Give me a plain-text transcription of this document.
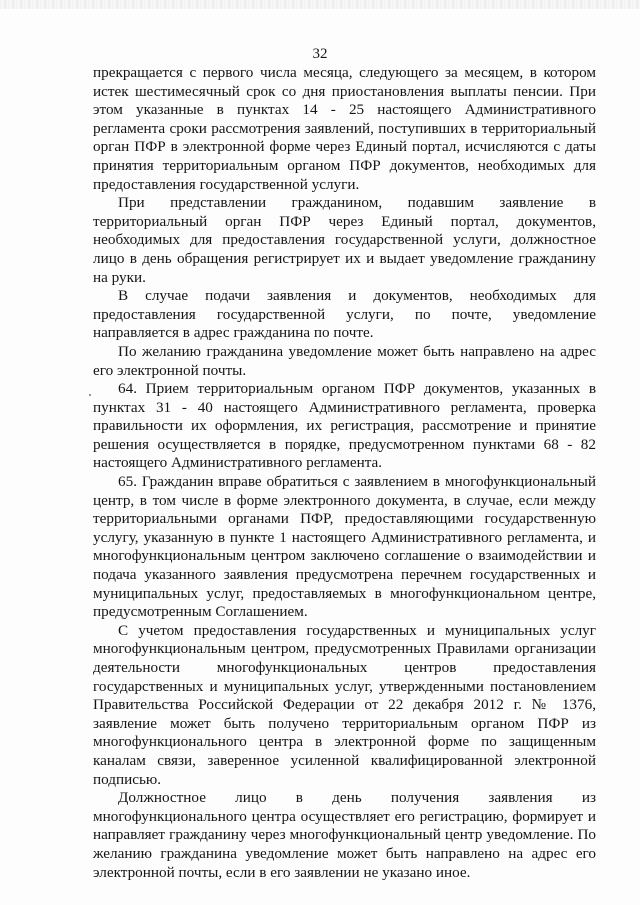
32

прекращается с первого числа месяца, следующего за месяцем, в котором истек шестимесячный срок со дня приостановления выплаты пенсии. При этом указанные в пунктах 14 - 25 настоящего Административного регламента сроки рассмотрения заявлений, поступивших в территориальный орган ПФР в электронной форме через Единый портал, исчисляются с даты принятия территориальным органом ПФР документов, необходимых для предоставления государственной услуги.

При представлении гражданином, подавшим заявление в территориальный орган ПФР через Единый портал, документов, необходимых для предоставления государственной услуги, должностное лицо в день обращения регистрирует их и выдает уведомление гражданину на руки.

В случае подачи заявления и документов, необходимых для предоставления государственной услуги, по почте, уведомление направляется в адрес гражданина по почте.

По желанию гражданина уведомление может быть направлено на адрес его электронной почты.

64. Прием территориальным органом ПФР документов, указанных в пунктах 31 - 40 настоящего Административного регламента, проверка правильности их оформления, их регистрация, рассмотрение и принятие решения осуществляется в порядке, предусмотренном пунктами 68 - 82 настоящего Административного регламента.

65. Гражданин вправе обратиться с заявлением в многофункциональный центр, в том числе в форме электронного документа, в случае, если между территориальными органами ПФР, предоставляющими государственную услугу, указанную в пункте 1 настоящего Административного регламента, и многофункциональным центром заключено соглашение о взаимодействии и подача указанного заявления предусмотрена перечнем государственных и муниципальных услуг, предоставляемых в многофункциональном центре, предусмотренным Соглашением.

С учетом предоставления государственных и муниципальных услуг многофункциональным центром, предусмотренных Правилами организации деятельности многофункциональных центров предоставления государственных и муниципальных услуг, утвержденными постановлением Правительства Российской Федерации от 22 декабря 2012 г. № 1376, заявление может быть получено территориальным органом ПФР из многофункционального центра в электронной форме по защищенным каналам связи, заверенное усиленной квалифицированной электронной подписью.

Должностное лицо в день получения заявления из многофункционального центра осуществляет его регистрацию, формирует и направляет гражданину через многофункциональный центр уведомление. По желанию гражданина уведомление может быть направлено на адрес его электронной почты, если в его заявлении не указано иное.
